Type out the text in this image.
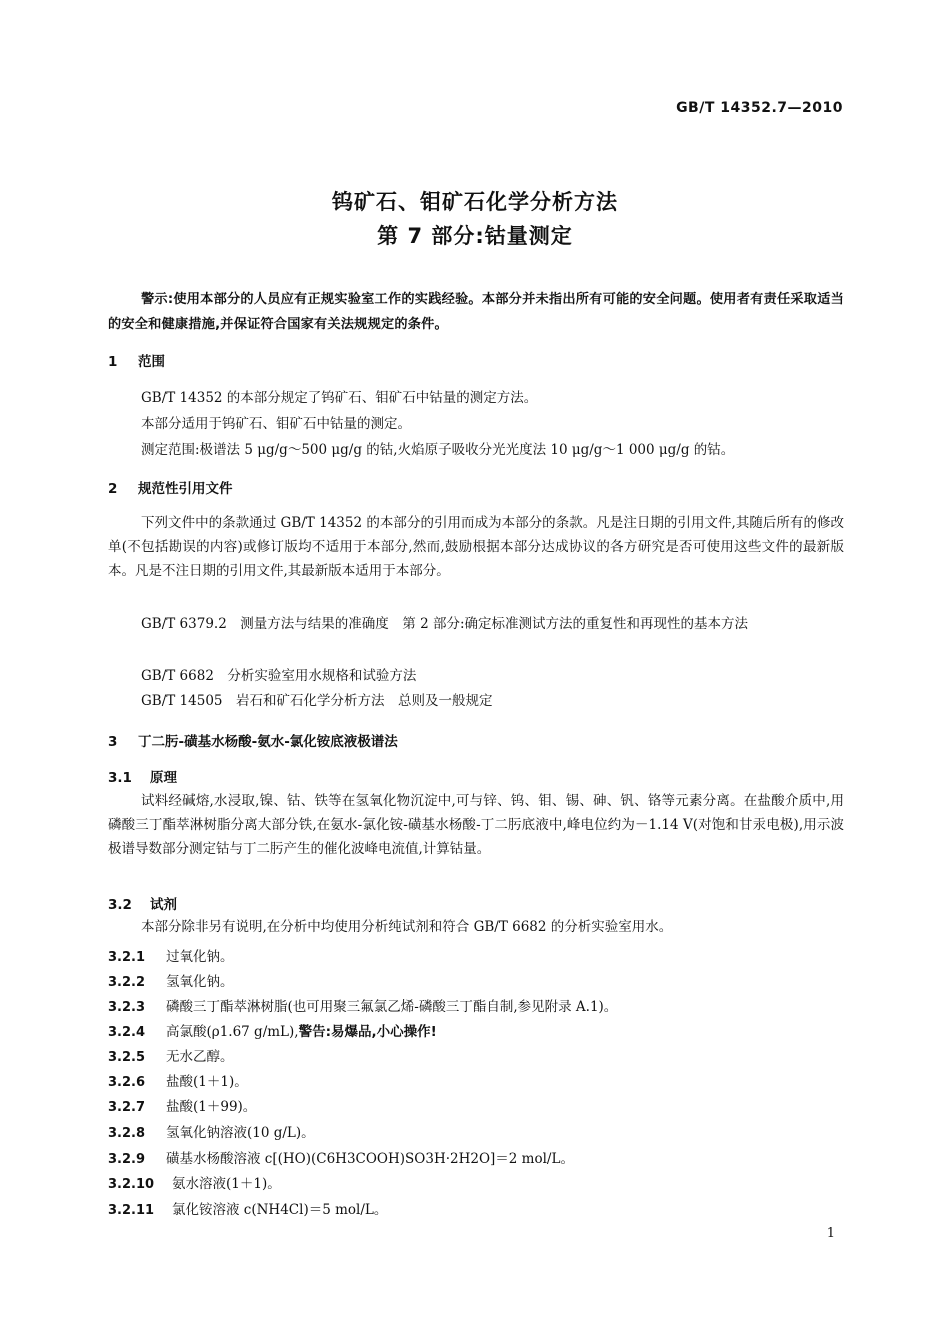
GB/T 14352.7—2010
钨矿石、钼矿石化学分析方法
第 7 部分:钴量测定
警示:使用本部分的人员应有正规实验室工作的实践经验。本部分并未指出所有可能的安全问题。使用者有责任采取适当的安全和健康措施,并保证符合国家有关法规规定的条件。
1 范围
GB/T 14352 的本部分规定了钨矿石、钼矿石中钴量的测定方法。
本部分适用于钨矿石、钼矿石中钴量的测定。
测定范围:极谱法 5 μg/g～500 μg/g 的钴,火焰原子吸收分光光度法 10 μg/g～1 000 μg/g 的钴。
2 规范性引用文件
下列文件中的条款通过 GB/T 14352 的本部分的引用而成为本部分的条款。凡是注日期的引用文件,其随后所有的修改单(不包括勘误的内容)或修订版均不适用于本部分,然而,鼓励根据本部分达成协议的各方研究是否可使用这些文件的最新版本。凡是不注日期的引用文件,其最新版本适用于本部分。
GB/T 6379.2　测量方法与结果的准确度　第 2 部分:确定标准测试方法的重复性和再现性的基本方法
GB/T 6682　分析实验室用水规格和试验方法
GB/T 14505　岩石和矿石化学分析方法　总则及一般规定
3 丁二肟-磺基水杨酸-氨水-氯化铵底液极谱法
3.1 原理
试料经碱熔,水浸取,镍、钴、铁等在氢氧化物沉淀中,可与锌、钨、钼、锡、砷、钒、铬等元素分离。在盐酸介质中,用磷酸三丁酯萃淋树脂分离大部分铁,在氨水-氯化铵-磺基水杨酸-丁二肟底液中,峰电位约为－1.14 V(对饱和甘汞电极),用示波极谱导数部分测定钴与丁二肟产生的催化波峰电流值,计算钴量。
3.2 试剂
本部分除非另有说明,在分析中均使用分析纯试剂和符合 GB/T 6682 的分析实验室用水。
3.2.1 过氧化钠。
3.2.2 氢氧化钠。
3.2.3 磷酸三丁酯萃淋树脂(也可用聚三氟氯乙烯-磷酸三丁酯自制,参见附录 A.1)。
3.2.4 高氯酸(ρ1.67 g/mL),警告:易爆品,小心操作!
3.2.5 无水乙醇。
3.2.6 盐酸(1＋1)。
3.2.7 盐酸(1＋99)。
3.2.8 氢氧化钠溶液(10 g/L)。
3.2.9 磺基水杨酸溶液 c[(HO)(C6H3COOH)SO3H·2H2O]＝2 mol/L。
3.2.10 氨水溶液(1＋1)。
3.2.11 氯化铵溶液 c(NH4Cl)＝5 mol/L。
1
